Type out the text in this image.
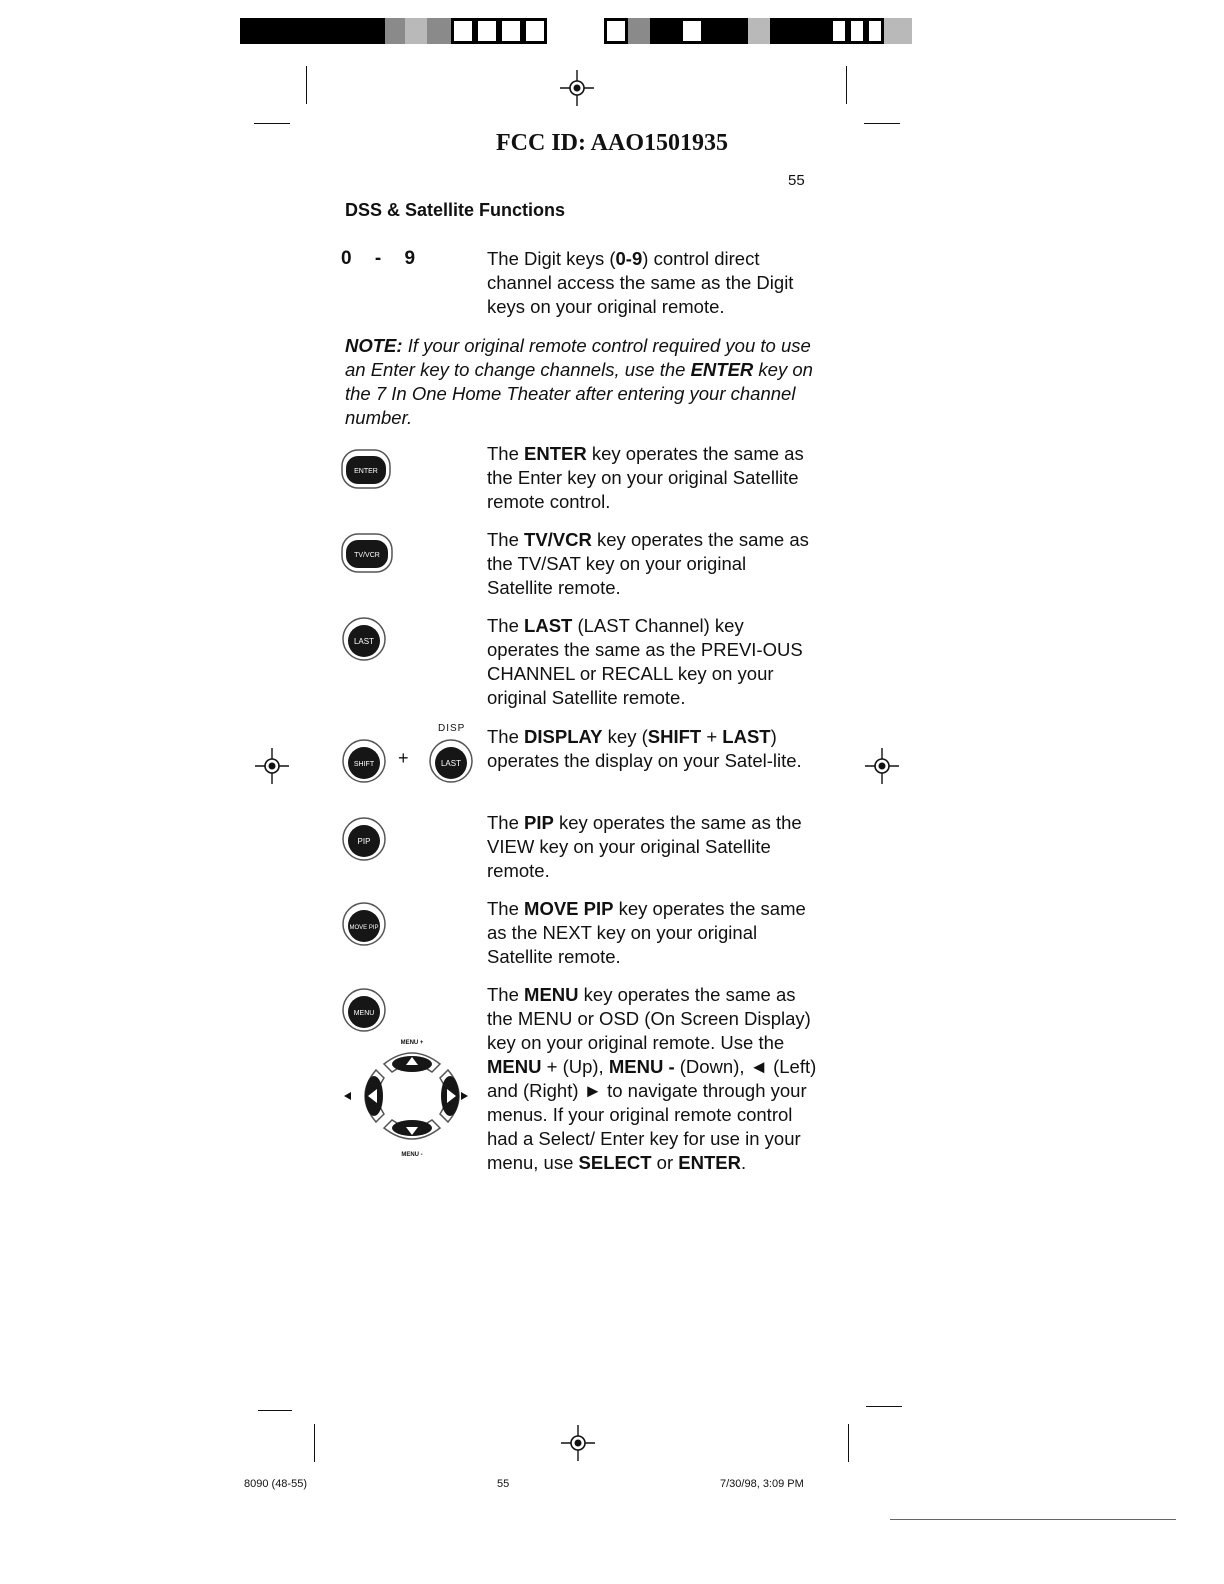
FCC ID: AAO1501935
55
DSS & Satellite Functions
0 - 9	The Digit keys (0-9) control direct channel access the same as the Digit keys on your original remote.
NOTE: If your original remote control required you to use an Enter key to change channels, use the ENTER key on the 7 In One Home Theater after entering your channel number.
ENTER
The ENTER key operates the same as the Enter key on your original Satellite remote control.
TV/VCR
The TV/VCR key operates the same as the TV/SAT key on your original Satellite remote.
LAST
The LAST (LAST Channel) key operates the same as the PREVI-OUS CHANNEL or RECALL key on your original Satellite remote.
SHIFT +
DISP
LAST
The DISPLAY key (SHIFT + LAST) operates the display on your Satel-lite.
PIP
The PIP key operates the same as the VIEW key on your original Satellite remote.
MOVE PIP
The MOVE PIP key operates the same as the NEXT key on your original Satellite remote.
MENU
MENU +
MENU -
The MENU key operates the same as the MENU or OSD (On Screen Display) key on your original remote. Use the MENU + (Up), MENU - (Down), ◄ (Left) and (Right) ► to navigate through your menus. If your original remote control had a Select/ Enter key for use in your menu, use SELECT or ENTER.
8090 (48-55)	55	7/30/98, 3:09 PM
